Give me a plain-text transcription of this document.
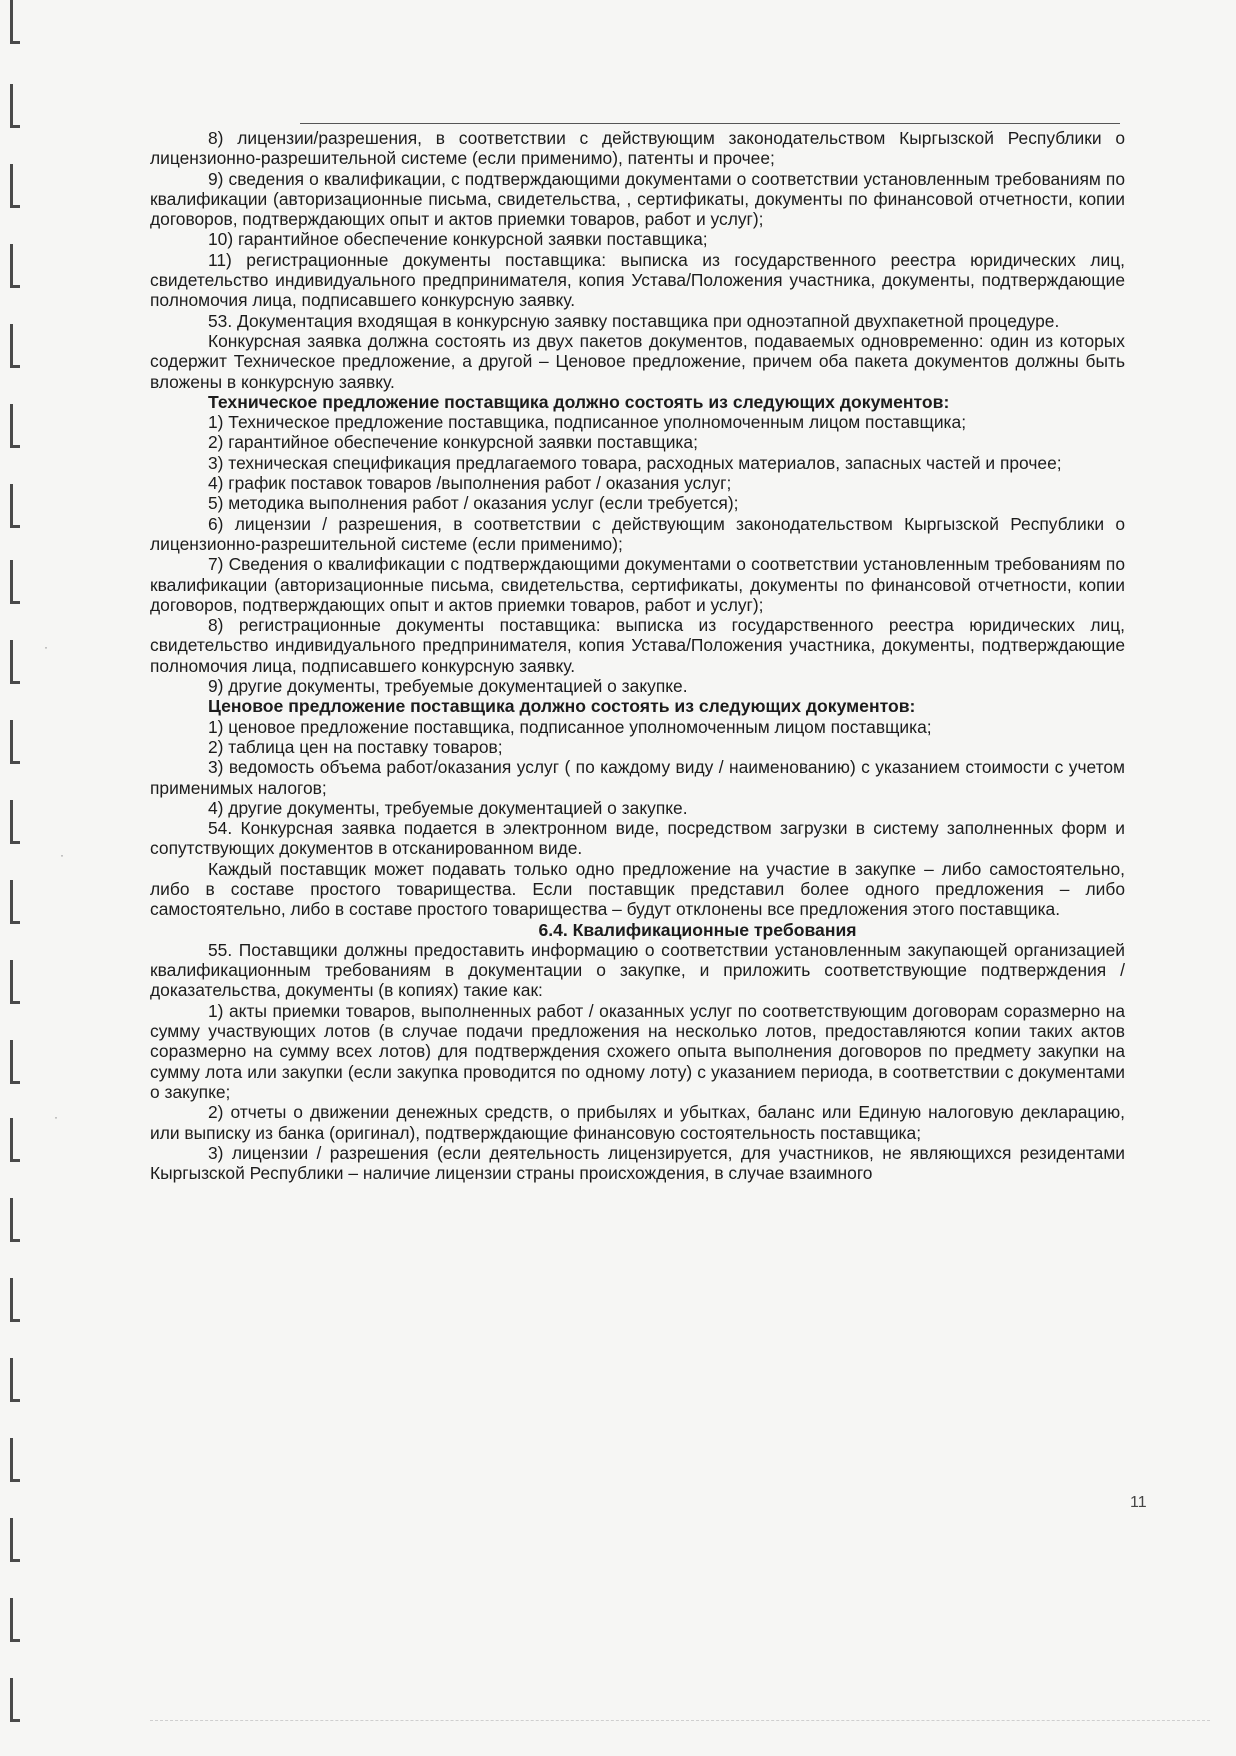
·
·
·

8) лицензии/разрешения, в соответствии с действующим законодательством Кыргызской Республики о лицензионно-разрешительной системе (если применимо), патенты и прочее;

9) сведения о квалификации, с подтверждающими документами о соответствии установленным требованиям по квалификации (авторизационные письма, свидетельства, , сертификаты, документы по финансовой отчетности, копии договоров, подтверждающих опыт и актов приемки товаров, работ и услуг);

10) гарантийное обеспечение конкурсной заявки поставщика;

11) регистрационные документы поставщика: выписка из государственного реестра юридических лиц, свидетельство индивидуального предпринимателя, копия Устава/Положения участника, документы, подтверждающие полномочия лица, подписавшего конкурсную заявку.

53. Документация входящая в конкурсную заявку поставщика при одноэтапной двухпакетной процедуре.

Конкурсная заявка должна состоять из двух пакетов документов, подаваемых одновременно: один из которых содержит Техническое предложение, а другой – Ценовое предложение, причем оба пакета документов должны быть вложены в конкурсную заявку.

Техническое предложение поставщика должно состоять из следующих документов:

1) Техническое предложение поставщика, подписанное уполномоченным лицом поставщика;

2) гарантийное обеспечение конкурсной заявки поставщика;

3) техническая спецификация предлагаемого товара, расходных материалов, запасных частей и прочее;

4) график поставок товаров /выполнения работ / оказания услуг;

5) методика выполнения работ / оказания услуг (если требуется);

6) лицензии / разрешения, в соответствии с действующим законодательством Кыргызской Республики о лицензионно-разрешительной системе (если применимо);

7) Сведения о квалификации с подтверждающими документами о соответствии установленным требованиям по квалификации (авторизационные письма, свидетельства, сертификаты, документы по финансовой отчетности, копии договоров, подтверждающих опыт и актов приемки товаров, работ и услуг);

8) регистрационные документы поставщика: выписка из государственного реестра юридических лиц, свидетельство индивидуального предпринимателя, копия Устава/Положения участника, документы, подтверждающие полномочия лица, подписавшего конкурсную заявку.

9) другие документы, требуемые документацией о закупке.

Ценовое предложение поставщика должно состоять из следующих документов:

1) ценовое предложение поставщика, подписанное уполномоченным лицом поставщика;

2) таблица цен на поставку товаров;

3) ведомость объема работ/оказания услуг ( по каждому виду / наименованию) с указанием стоимости с учетом применимых налогов;

4) другие документы, требуемые документацией о закупке.

54. Конкурсная заявка подается в электронном виде, посредством загрузки в систему заполненных форм и сопутствующих документов в отсканированном виде.

Каждый поставщик может подавать только одно предложение на участие в закупке – либо самостоятельно, либо в составе простого товарищества. Если поставщик представил более одного предложения – либо самостоятельно, либо в составе простого товарищества – будут отклонены все предложения этого поставщика.

6.4. Квалификационные требования

55. Поставщики должны предоставить информацию о соответствии установленным закупающей организацией квалификационным требованиям в документации о закупке, и приложить соответствующие подтверждения / доказательства, документы (в копиях) такие как:

1) акты приемки товаров, выполненных работ / оказанных услуг по соответствующим договорам соразмерно на сумму участвующих лотов (в случае подачи предложения на несколько лотов, предоставляются копии таких актов соразмерно на сумму всех лотов) для подтверждения схожего опыта выполнения договоров по предмету закупки на сумму лота или закупки (если закупка проводится по одному лоту) с указанием периода, в соответствии с документами о закупке;

2) отчеты о движении денежных средств, о прибылях и убытках, баланс или Единую налоговую декларацию, или выписку из банка (оригинал), подтверждающие финансовую состоятельность поставщика;

3) лицензии / разрешения (если деятельность лицензируется, для участников, не являющихся резидентами Кыргызской Республики – наличие лицензии страны происхождения, в случае взаимного

11
